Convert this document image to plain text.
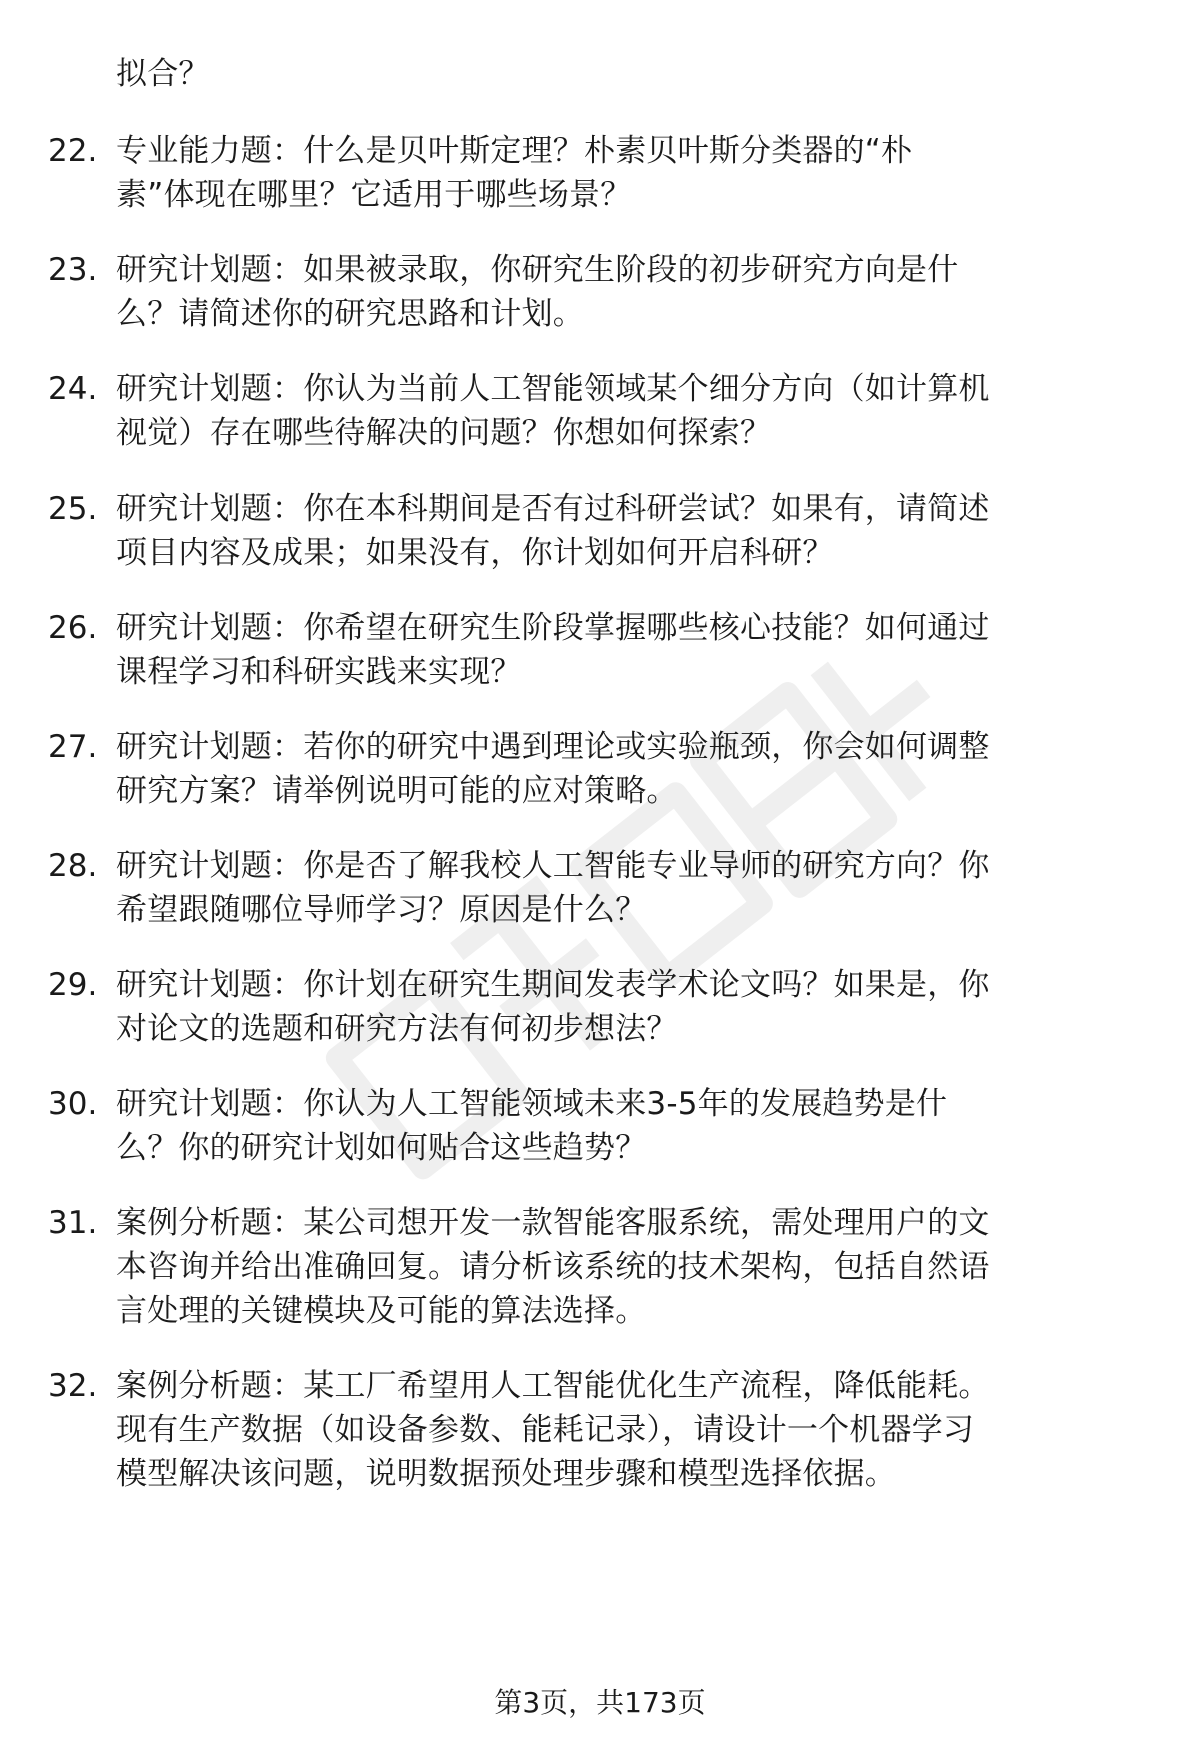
拟合？
22. 专业能力题：什么是贝叶斯定理？朴素贝叶斯分类器的“朴
素”体现在哪里？它适用于哪些场景？
23. 研究计划题：如果被录取，你研究生阶段的初步研究方向是什
么？请简述你的研究思路和计划。
24. 研究计划题：你认为当前人工智能领域某个细分方向（如计算机
视觉）存在哪些待解决的问题？你想如何探索？
25. 研究计划题：你在本科期间是否有过科研尝试？如果有，请简述
项目内容及成果；如果没有，你计划如何开启科研？
26. 研究计划题：你希望在研究生阶段掌握哪些核心技能？如何通过
课程学习和科研实践来实现？
27. 研究计划题：若你的研究中遇到理论或实验瓶颈，你会如何调整
研究方案？请举例说明可能的应对策略。
28. 研究计划题：你是否了解我校人工智能专业导师的研究方向？你
希望跟随哪位导师学习？原因是什么？
29. 研究计划题：你计划在研究生期间发表学术论文吗？如果是，你
对论文的选题和研究方法有何初步想法？
30. 研究计划题：你认为人工智能领域未来3-5年的发展趋势是什
么？你的研究计划如何贴合这些趋势？
31. 案例分析题：某公司想开发一款智能客服系统，需处理用户的文
本咨询并给出准确回复。请分析该系统的技术架构，包括自然语
言处理的关键模块及可能的算法选择。
32. 案例分析题：某工厂希望用人工智能优化生产流程，降低能耗。
现有生产数据（如设备参数、能耗记录），请设计一个机器学习
模型解决该问题，说明数据预处理步骤和模型选择依据。
第3页，共173页
